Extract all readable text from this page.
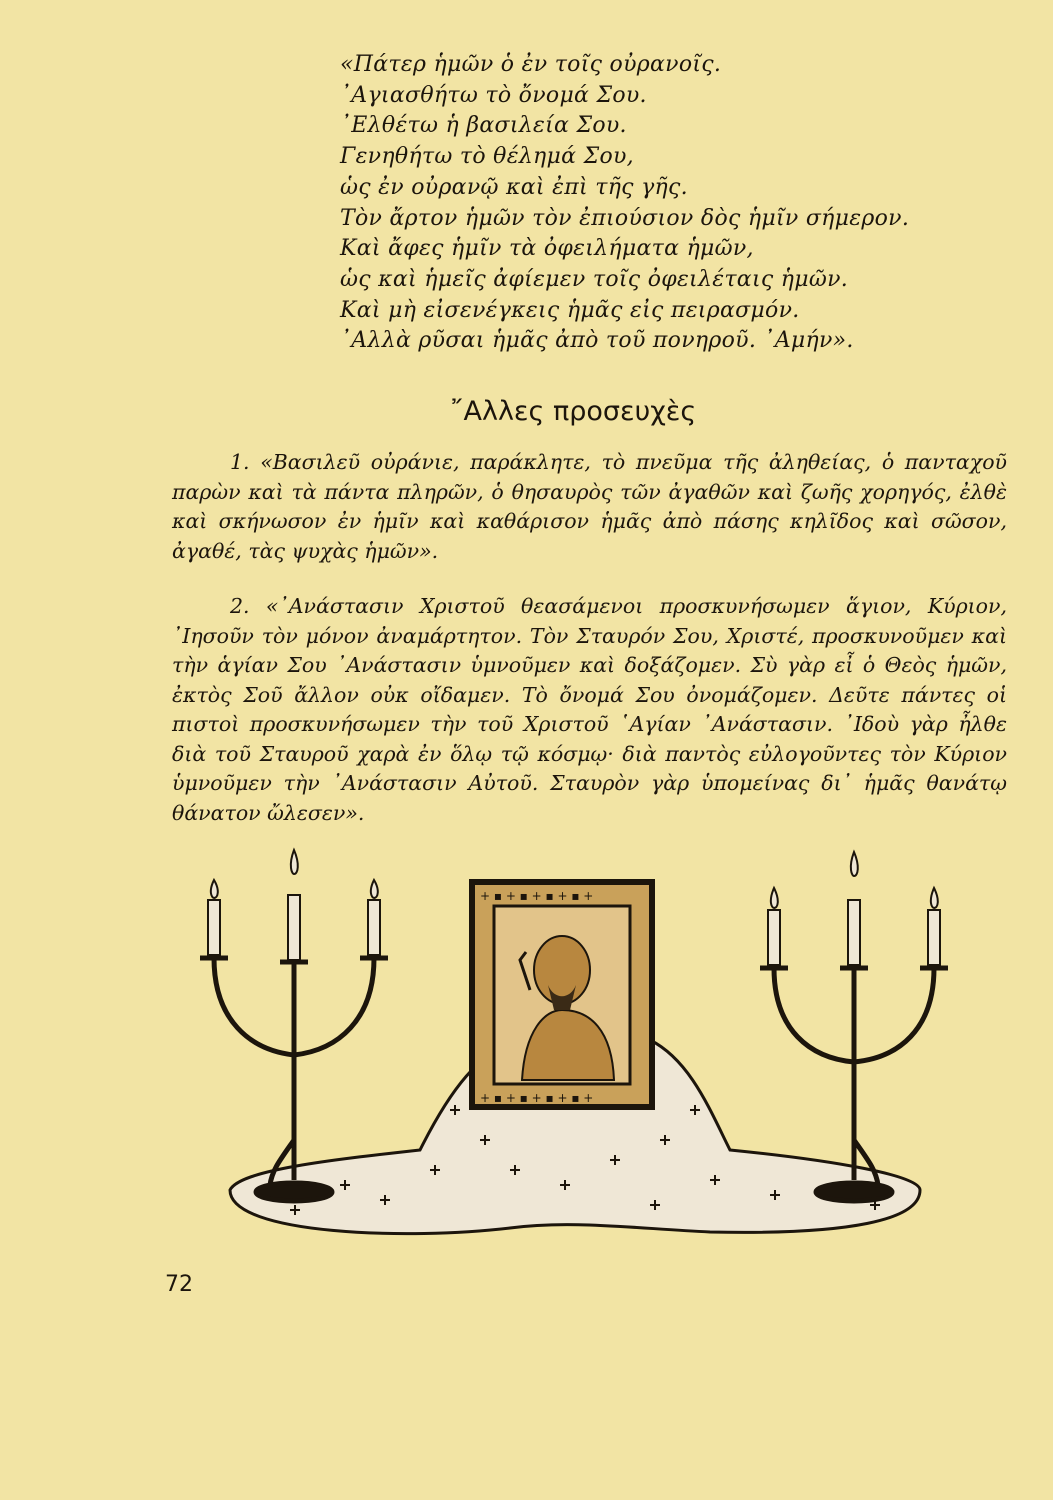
«Πάτερ ἡμῶν ὁ ἐν τοῖς οὐρανοῖς.
᾿Αγιασθήτω τὸ ὄνομά Σου.
᾿Ελθέτω ἡ βασιλεία Σου.
Γενηθήτω τὸ θέλημά Σου,
ὡς ἐν οὐρανῷ καὶ ἐπὶ τῆς γῆς.
Τὸν ἄρτον ἡμῶν τὸν ἐπιούσιον δὸς ἡμῖν σήμερον.
Καὶ ἄφες ἡμῖν τὰ ὀφειλήματα ἡμῶν,
ὡς καὶ ἡμεῖς ἀφίεμεν τοῖς ὀφειλέταις ἡμῶν.
Καὶ μὴ εἰσενέγκεις ἡμᾶς εἰς πειρασμόν.
᾿Αλλὰ ρῦσαι ἡμᾶς ἀπὸ τοῦ πονηροῦ. ᾿Αμήν».
῎Αλλες προσευχὲς
1. «Βασιλεῦ οὐράνιε, παράκλητε, τὸ πνεῦμα τῆς ἀληθείας, ὁ πανταχοῦ παρὼν καὶ τὰ πάντα πληρῶν, ὁ θησαυρὸς τῶν ἀγαθῶν καὶ ζωῆς χορηγός, ἐλθὲ καὶ σκήνωσον ἐν ἡμῖν καὶ καθάρισον ἡμᾶς ἀπὸ πάσης κηλῖδος καὶ σῶσον, ἀγαθέ, τὰς ψυχὰς ἡμῶν».
2. «᾿Ανάστασιν Χριστοῦ θεασάμενοι προσκυνήσωμεν ἅγιον, Κύριον, ᾿Ιησοῦν τὸν μόνον ἀναμάρτητον. Τὸν Σταυρόν Σου, Χριστέ, προσκυνοῦμεν καὶ τὴν ἁγίαν Σου ᾿Ανάστασιν ὑμνοῦμεν καὶ δοξάζομεν. Σὺ γὰρ εἶ ὁ Θεὸς ἡμῶν, ἐκτὸς Σοῦ ἄλλον οὐκ οἴδαμεν. Τὸ ὄνομά Σου ὀνομάζομεν. Δεῦτε πάντες οἱ πιστοὶ προσκυνήσωμεν τὴν τοῦ Χριστοῦ ῾Αγίαν ᾿Ανάστασιν. ᾿Ιδοὺ γὰρ ἦλθε διὰ τοῦ Σταυροῦ χαρὰ ἐν ὅλῳ τῷ κόσμῳ· διὰ παντὸς εὐλογοῦντες τὸν Κύριον ὑμνοῦμεν τὴν ᾿Ανάστασιν Αὐτοῦ. Σταυρὸν γὰρ ὑπομείνας δι᾿ ἡμᾶς θανάτῳ θάνατον ὤλεσεν».
+ ▪ + ▪ + ▪ + ▪ +
+ ▪ + ▪ + ▪ + ▪ +
72
